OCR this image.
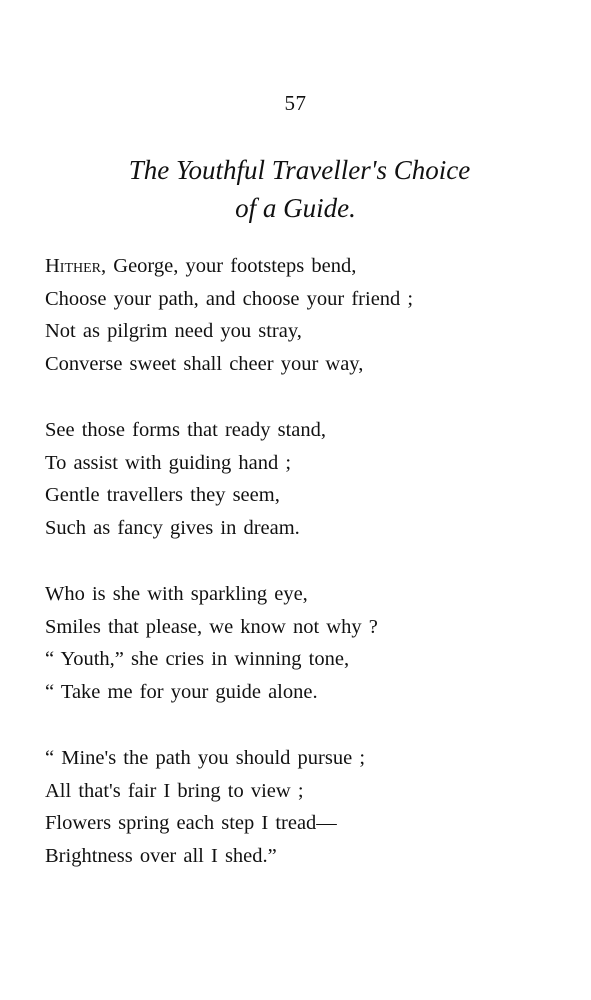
57
The Youthful Traveller's Choice
of a Guide.
Hither, George, your footsteps bend,
Choose your path, and choose your friend ;
Not as pilgrim need you stray,
Converse sweet shall cheer your way,
See those forms that ready stand,
To assist with guiding hand ;
Gentle travellers they seem,
Such as fancy gives in dream.
Who is she with sparkling eye,
Smiles that please, we know not why ?
“ Youth,” she cries in winning tone,
“ Take me for your guide alone.
“ Mine's the path you should pursue ;
All that's fair I bring to view ;
Flowers spring each step I tread—
Brightness over all I shed.”
